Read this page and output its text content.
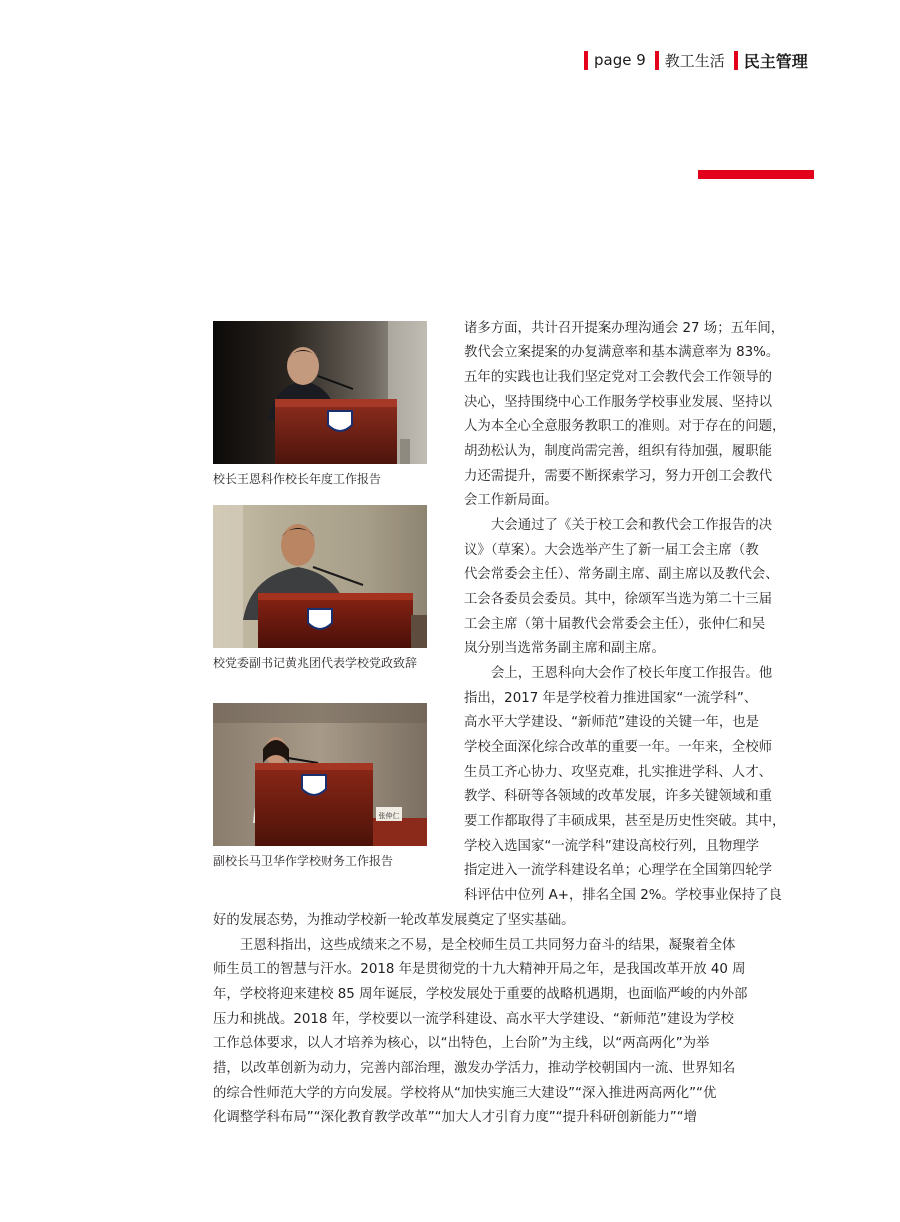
page 9 教工生活 民主管理
校长王恩科作校长年度工作报告
校党委副书记黄兆团代表学校党政致辞
张仲仁
副校长马卫华作学校财务工作报告
诸多方面，共计召开提案办理沟通会 27 场；五年间，
教代会立案提案的办复满意率和基本满意率为 83%。
五年的实践也让我们坚定党对工会教代会工作领导的
决心，坚持围绕中心工作服务学校事业发展、坚持以
人为本全心全意服务教职工的准则。对于存在的问题，
胡劲松认为，制度尚需完善，组织有待加强，履职能
力还需提升，需要不断探索学习，努力开创工会教代
会工作新局面。
大会通过了《关于校工会和教代会工作报告的决
议》（草案）。大会选举产生了新一届工会主席（教
代会常委会主任）、常务副主席、副主席以及教代会、
工会各委员会委员。其中，徐颂军当选为第二十三届
工会主席（第十届教代会常委会主任），张仲仁和吴
岚分别当选常务副主席和副主席。
会上，王恩科向大会作了校长年度工作报告。他
指出，2017 年是学校着力推进国家“一流学科”、
高水平大学建设、“新师范”建设的关键一年，也是
学校全面深化综合改革的重要一年。一年来，全校师
生员工齐心协力、攻坚克难，扎实推进学科、人才、
教学、科研等各领域的改革发展，许多关键领域和重
要工作都取得了丰硕成果，甚至是历史性突破。其中，
学校入选国家“一流学科”建设高校行列，且物理学
指定进入一流学科建设名单；心理学在全国第四轮学
科评估中位列 A+，排名全国 2%。学校事业保持了良
好的发展态势，为推动学校新一轮改革发展奠定了坚实基础。
王恩科指出，这些成绩来之不易，是全校师生员工共同努力奋斗的结果，凝聚着全体
师生员工的智慧与汗水。2018 年是贯彻党的十九大精神开局之年，是我国改革开放 40 周
年，学校将迎来建校 85 周年诞辰，学校发展处于重要的战略机遇期，也面临严峻的内外部
压力和挑战。2018 年，学校要以一流学科建设、高水平大学建设、“新师范”建设为学校
工作总体要求，以人才培养为核心，以“出特色，上台阶”为主线，以“两高两化”为举
措，以改革创新为动力，完善内部治理，激发办学活力，推动学校朝国内一流、世界知名
的综合性师范大学的方向发展。学校将从“加快实施三大建设”“深入推进两高两化”“优
化调整学科布局”“深化教育教学改革”“加大人才引育力度”“提升科研创新能力”“增
